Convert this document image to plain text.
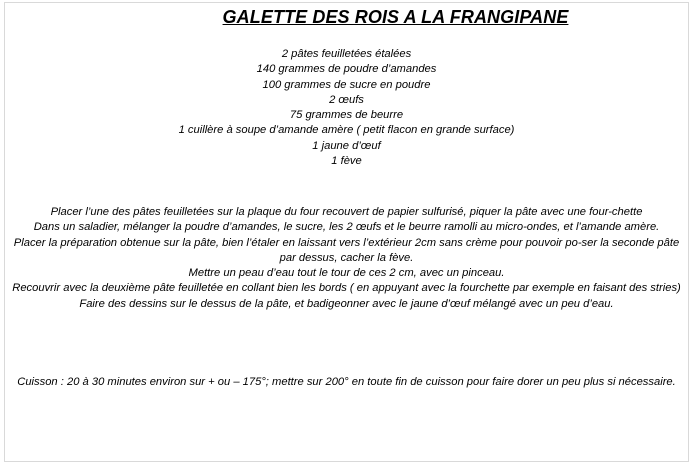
GALETTE DES ROIS A LA FRANGIPANE
2 pâtes feuilletées étalées
140 grammes de poudre d’amandes
100 grammes de sucre en poudre
2 œufs
75 grammes de beurre
1 cuillère à soupe d’amande amère ( petit flacon en grande surface)
1 jaune d’œuf
1 fève
Placer l’une des pâtes feuilletées sur la plaque du four recouvert de papier sulfurisé, piquer la pâte avec une four-chette
Dans un saladier, mélanger la poudre d’amandes, le sucre, les 2 œufs et le beurre ramolli au micro-ondes, et l’amande amère.
Placer la préparation obtenue sur la pâte, bien l’étaler en laissant vers l’extérieur 2cm sans crème pour pouvoir po-ser la seconde pâte par dessus, cacher la fève.
Mettre un peau d’eau tout le tour de ces 2 cm, avec un pinceau.
Recouvrir avec la deuxième pâte feuilletée en collant bien les bords ( en appuyant avec la fourchette par exemple en faisant des stries)
Faire des dessins sur le dessus de la pâte, et badigeonner avec le jaune d’œuf mélangé avec un peu d’eau.
Cuisson : 20 à 30 minutes environ sur + ou – 175°; mettre sur 200° en toute fin de cuisson pour faire dorer un peu plus si nécessaire.
